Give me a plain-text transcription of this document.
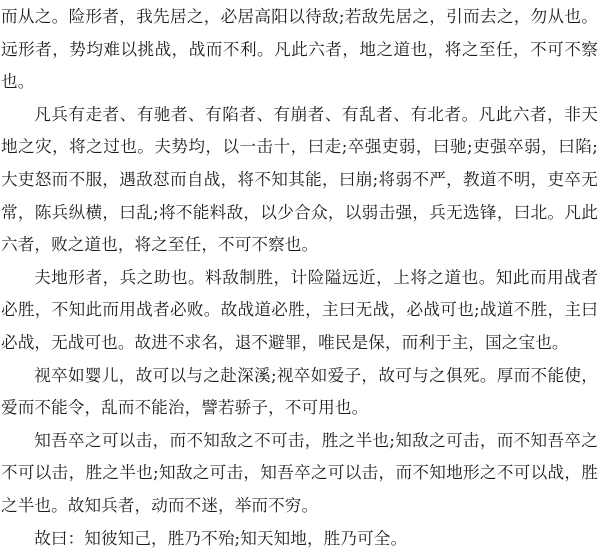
而从之。险形者，我先居之，必居高阳以待敌;若敌先居之，引而去之，勿从也。远形者，势均难以挑战，战而不利。凡此六者，地之道也，将之至任，不可不察也。

凡兵有走者、有驰者、有陷者、有崩者、有乱者、有北者。凡此六者，非天地之灾，将之过也。夫势均，以一击十，曰走;卒强吏弱，曰驰;吏强卒弱，曰陷;大吏怒而不服，遇敌怼而自战，将不知其能，曰崩;将弱不严，教道不明，吏卒无常，陈兵纵横，曰乱;将不能料敌，以少合众，以弱击强，兵无选锋，曰北。凡此六者，败之道也，将之至任，不可不察也。

夫地形者，兵之助也。料敌制胜，计险隘远近，上将之道也。知此而用战者必胜，不知此而用战者必败。故战道必胜，主曰无战，必战可也;战道不胜，主曰必战，无战可也。故进不求名，退不避罪，唯民是保，而利于主，国之宝也。

视卒如婴儿，故可以与之赴深溪;视卒如爱子，故可与之俱死。厚而不能使，爱而不能令，乱而不能治，譬若骄子，不可用也。

知吾卒之可以击，而不知敌之不可击，胜之半也;知敌之可击，而不知吾卒之不可以击，胜之半也;知敌之可击，知吾卒之可以击，而不知地形之不可以战，胜之半也。故知兵者，动而不迷，举而不穷。

故曰：知彼知己，胜乃不殆;知天知地，胜乃可全。
